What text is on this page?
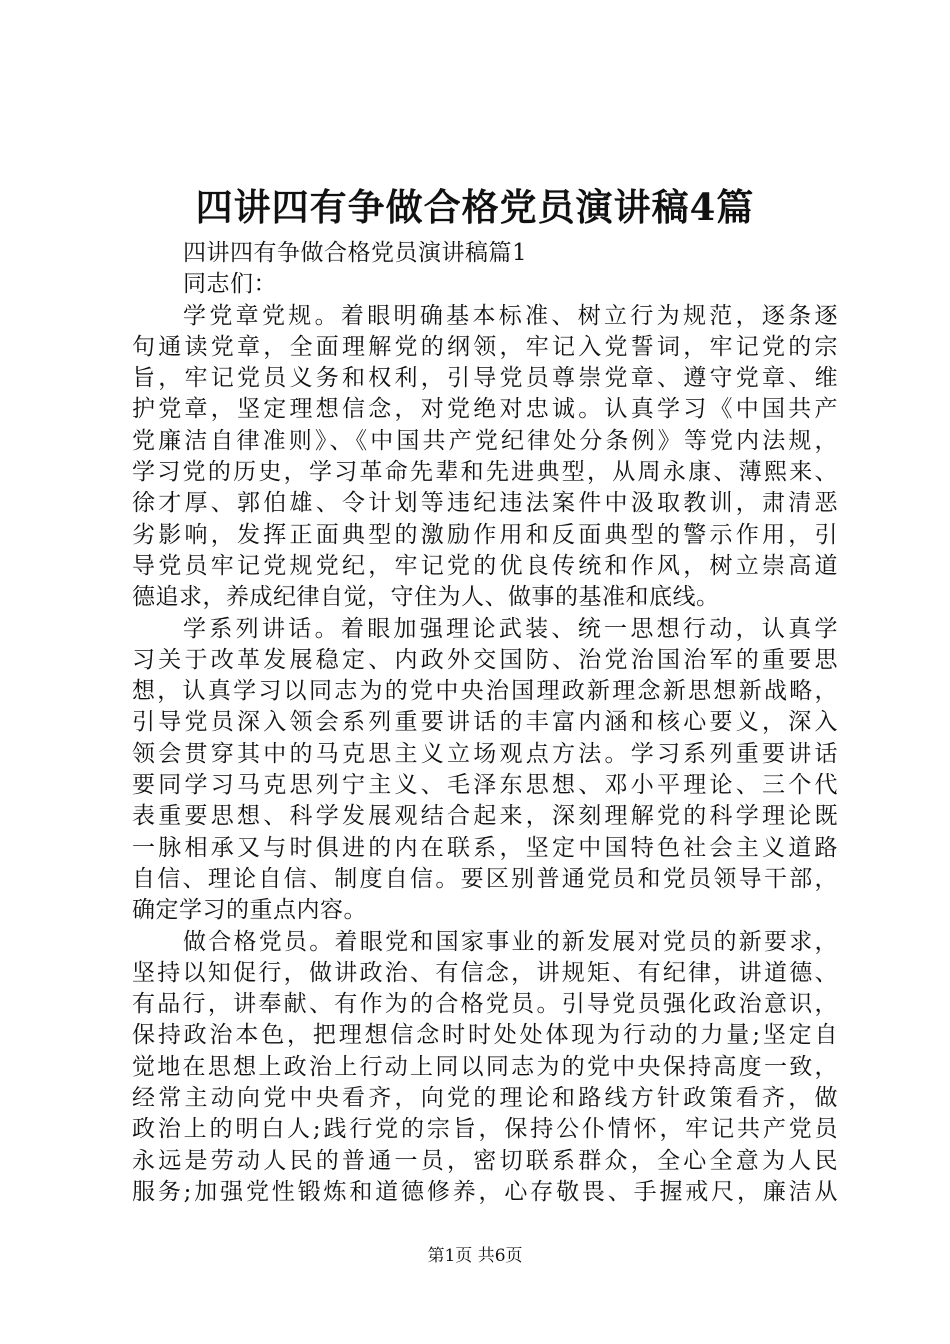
四讲四有争做合格党员演讲稿4篇
四讲四有争做合格党员演讲稿篇1
同志们：
学党章党规。着眼明确基本标准、树立行为规范，逐条逐
句通读党章，全面理解党的纲领，牢记入党誓词，牢记党的宗
旨，牢记党员义务和权利，引导党员尊崇党章、遵守党章、维
护党章，坚定理想信念，对党绝对忠诚。认真学习《中国共产
党廉洁自律准则》、《中国共产党纪律处分条例》等党内法规，
学习党的历史，学习革命先辈和先进典型，从周永康、薄熙来、
徐才厚、郭伯雄、令计划等违纪违法案件中汲取教训，肃清恶
劣影响，发挥正面典型的激励作用和反面典型的警示作用，引
导党员牢记党规党纪，牢记党的优良传统和作风，树立崇高道
德追求，养成纪律自觉，守住为人、做事的基准和底线。
学系列讲话。着眼加强理论武装、统一思想行动，认真学
习关于改革发展稳定、内政外交国防、治党治国治军的重要思
想，认真学习以同志为的党中央治国理政新理念新思想新战略，
引导党员深入领会系列重要讲话的丰富内涵和核心要义，深入
领会贯穿其中的马克思主义立场观点方法。学习系列重要讲话
要同学习马克思列宁主义、毛泽东思想、邓小平理论、三个代
表重要思想、科学发展观结合起来，深刻理解党的科学理论既
一脉相承又与时俱进的内在联系，坚定中国特色社会主义道路
自信、理论自信、制度自信。要区别普通党员和党员领导干部，
确定学习的重点内容。
做合格党员。着眼党和国家事业的新发展对党员的新要求，
坚持以知促行，做讲政治、有信念，讲规矩、有纪律，讲道德、
有品行，讲奉献、有作为的合格党员。引导党员强化政治意识，
保持政治本色，把理想信念时时处处体现为行动的力量;坚定自
觉地在思想上政治上行动上同以同志为的党中央保持高度一致，
经常主动向党中央看齐，向党的理论和路线方针政策看齐，做
政治上的明白人;践行党的宗旨，保持公仆情怀，牢记共产党员
永远是劳动人民的普通一员，密切联系群众，全心全意为人民
服务;加强党性锻炼和道德修养，心存敬畏、手握戒尺，廉洁从
第1页 共6页
